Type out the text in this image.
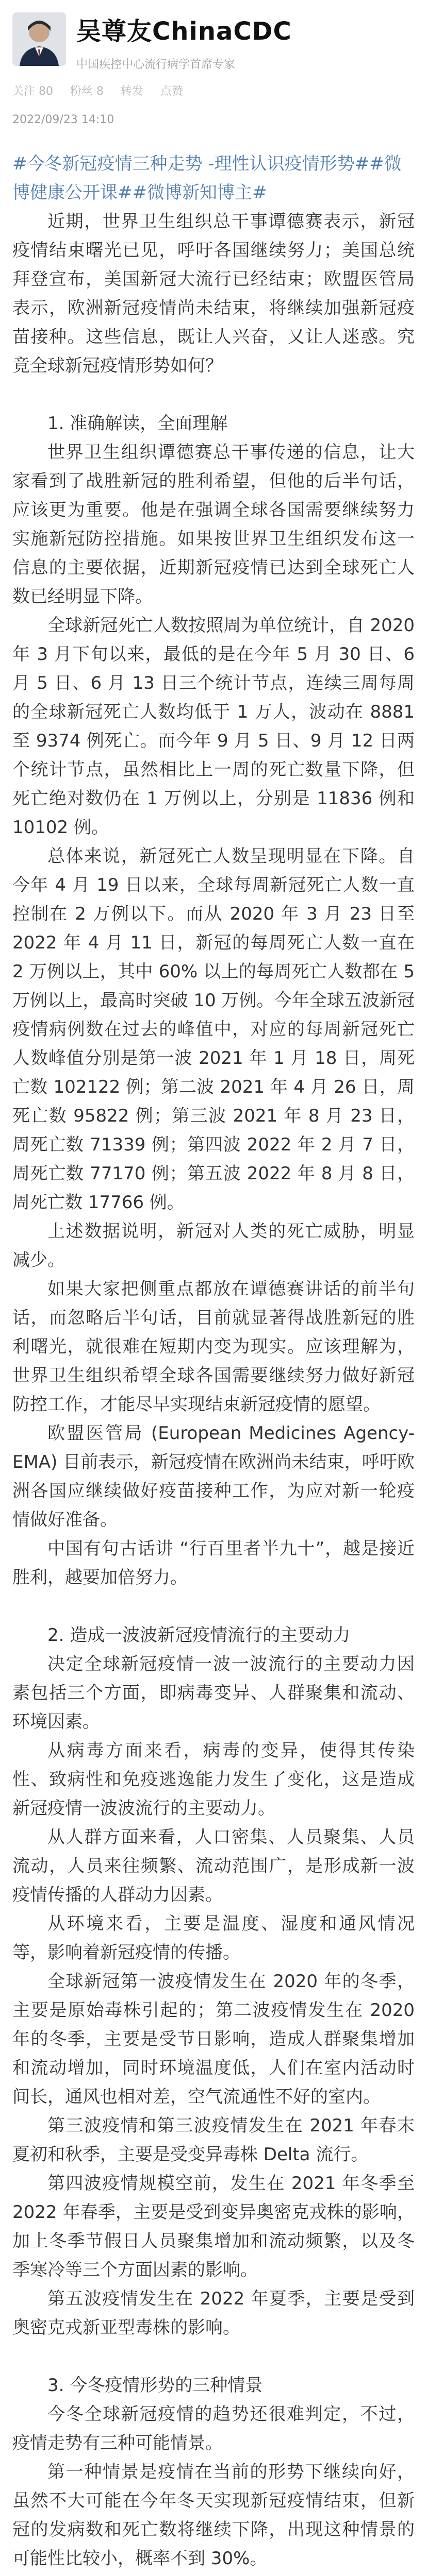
吴尊友ChinaCDC
中国疾控中心流行病学首席专家
关注 80 粉丝 8 转发 点赞
2022/09/23 14:10
#今冬新冠疫情三种走势 -理性认识疫情形势##微博健康公开课##微博新知博主#

近期，世界卫生组织总干事谭德赛表示，新冠疫情结束曙光已见，呼吁各国继续努力；美国总统拜登宣布，美国新冠大流行已经结束；欧盟医管局表示，欧洲新冠疫情尚未结束，将继续加强新冠疫苗接种。这些信息，既让人兴奋，又让人迷惑。究竟全球新冠疫情形势如何？

1. 准确解读，全面理解

世界卫生组织谭德赛总干事传递的信息，让大家看到了战胜新冠的胜利希望，但他的后半句话，应该更为重要。他是在强调全球各国需要继续努力实施新冠防控措施。如果按世界卫生组织发布这一信息的主要依据，近期新冠疫情已达到全球死亡人数已经明显下降。

全球新冠死亡人数按照周为单位统计，自 2020 年 3 月下旬以来，最低的是在今年 5 月 30 日、6 月 5 日、6 月 13 日三个统计节点，连续三周每周的全球新冠死亡人数均低于 1 万人，波动在 8881 至 9374 例死亡。而今年 9 月 5 日、9 月 12 日两个统计节点，虽然相比上一周的死亡数量下降，但死亡绝对数仍在 1 万例以上，分别是 11836 例和 10102 例。

总体来说，新冠死亡人数呈现明显在下降。自今年 4 月 19 日以来，全球每周新冠死亡人数一直控制在 2 万例以下。而从 2020 年 3 月 23 日至 2022 年 4 月 11 日，新冠的每周死亡人数一直在 2 万例以上，其中 60% 以上的每周死亡人数都在 5 万例以上，最高时突破 10 万例。今年全球五波新冠疫情病例数在过去的峰值中，对应的每周新冠死亡人数峰值分别是第一波 2021 年 1 月 18 日，周死亡数 102122 例；第二波 2021 年 4 月 26 日，周死亡数 95822 例；第三波 2021 年 8 月 23 日，周死亡数 71339 例；第四波 2022 年 2 月 7 日，周死亡数 77170 例；第五波 2022 年 8 月 8 日，周死亡数 17766 例。

上述数据说明，新冠对人类的死亡威胁，明显减少。

如果大家把侧重点都放在谭德赛讲话的前半句话，而忽略后半句话，目前就显著得战胜新冠的胜利曙光，就很难在短期内变为现实。应该理解为，世界卫生组织希望全球各国需要继续努力做好新冠防控工作，才能尽早实现结束新冠疫情的愿望。

欧盟医管局 (European Medicines Agency-EMA) 目前表示，新冠疫情在欧洲尚未结束，呼吁欧洲各国应继续做好疫苗接种工作，为应对新一轮疫情做好准备。

中国有句古话讲 “行百里者半九十”，越是接近胜利，越要加倍努力。

2. 造成一波波新冠疫情流行的主要动力

决定全球新冠疫情一波一波流行的主要动力因素包括三个方面，即病毒变异、人群聚集和流动、环境因素。

从病毒方面来看，病毒的变异，使得其传染性、致病性和免疫逃逸能力发生了变化，这是造成新冠疫情一波波流行的主要动力。

从人群方面来看，人口密集、人员聚集、人员流动，人员来往频繁、流动范围广，是形成新一波疫情传播的人群动力因素。

从环境来看，主要是温度、湿度和通风情况等，影响着新冠疫情的传播。

全球新冠第一波疫情发生在 2020 年的冬季，主要是原始毒株引起的；第二波疫情发生在 2020 年的冬季，主要是受节日影响，造成人群聚集增加和流动增加，同时环境温度低，人们在室内活动时间长，通风也相对差，空气流通性不好的室内。

第三波疫情和第三波疫情发生在 2021 年春末夏初和秋季，主要是受变异毒株 Delta 流行。

第四波疫情规模空前，发生在 2021 年冬季至 2022 年春季，主要是受到变异奥密克戎株的影响，加上冬季节假日人员聚集增加和流动频繁，以及冬季寒冷等三个方面因素的影响。

第五波疫情发生在 2022 年夏季，主要是受到奥密克戎新亚型毒株的影响。

3. 今冬疫情形势的三种情景

今冬全球新冠疫情的趋势还很难判定，不过，疫情走势有三种可能情景。

第一种情景是疫情在当前的形势下继续向好，虽然不大可能在今年冬天实现新冠疫情结束，但新冠的发病数和死亡数将继续下降，出现这种情景的可能性比较小，概率不到 30%。
